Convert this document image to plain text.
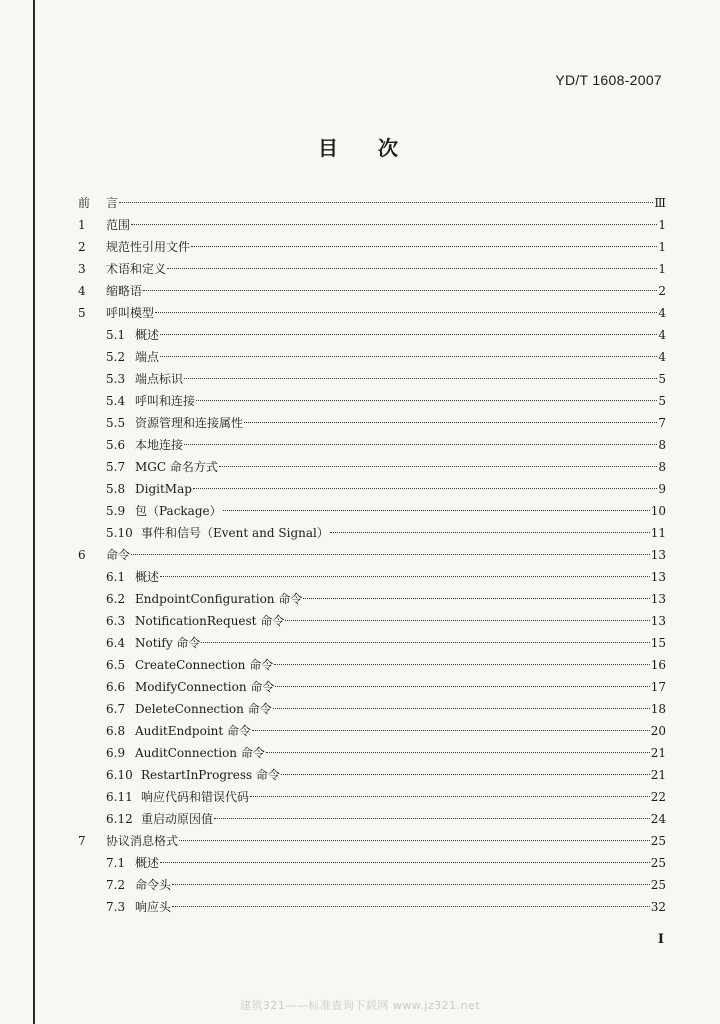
YD/T 1608-2007
目 次
前	言	Ⅲ
1	范围	1
2	规范性引用文件	1
3	术语和定义	1
4	缩略语	2
5	呼叫模型	4
5.1 概述	4
5.2 端点	4
5.3 端点标识	5
5.4 呼叫和连接	5
5.5 资源管理和连接属性	7
5.6 本地连接	8
5.7 MGC 命名方式	8
5.8 DigitMap	9
5.9 包（Package）	10
5.10 事件和信号（Event and Signal）	11
6	命令	13
6.1 概述	13
6.2 EndpointConfiguration 命令	13
6.3 NotificationRequest 命令	13
6.4 Notify 命令	15
6.5 CreateConnection 命令	16
6.6 ModifyConnection 命令	17
6.7 DeleteConnection 命令	18
6.8 AuditEndpoint 命令	20
6.9 AuditConnection 命令	21
6.10 RestartInProgress 命令	21
6.11 响应代码和错误代码	22
6.12 重启动原因值	24
7	协议消息格式	25
7.1 概述	25
7.2 命令头	25
7.3 响应头	32
I
建筑321——标准查询下载网 www.jz321.net
